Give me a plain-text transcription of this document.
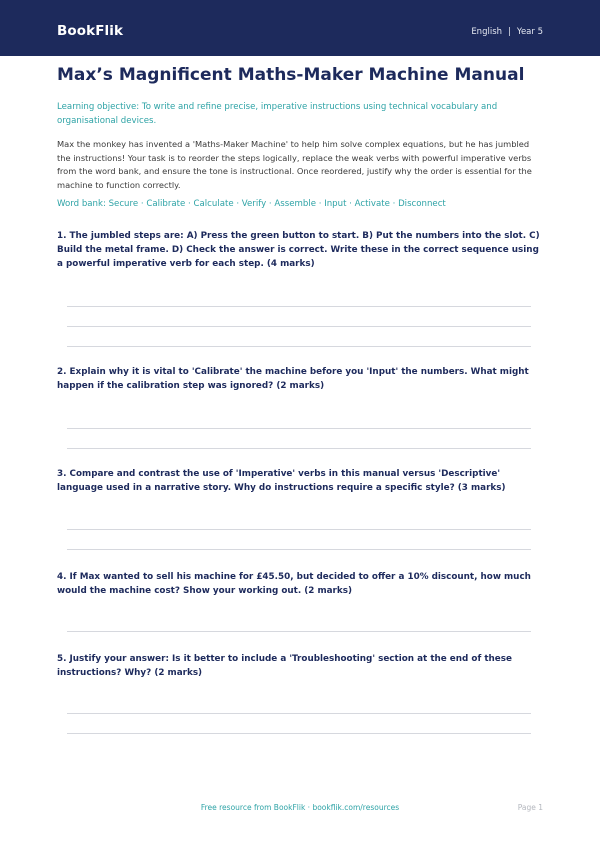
BookFlik	English | Year 5
Max’s Magnificent Maths-Maker Machine Manual

Learning objective: To write and refine precise, imperative instructions using technical vocabulary and organisational devices.

Max the monkey has invented a 'Maths-Maker Machine' to help him solve complex equations, but he has jumbled the instructions! Your task is to reorder the steps logically, replace the weak verbs with powerful imperative verbs from the word bank, and ensure the tone is instructional. Once reordered, justify why the order is essential for the machine to function correctly.

Word bank: Secure · Calibrate · Calculate · Verify · Assemble · Input · Activate · Disconnect

1. The jumbled steps are: A) Press the green button to start. B) Put the numbers into the slot. C) Build the metal frame. D) Check the answer is correct. Write these in the correct sequence using a powerful imperative verb for each step. (4 marks)

2. Explain why it is vital to 'Calibrate' the machine before you 'Input' the numbers. What might happen if the calibration step was ignored? (2 marks)

3. Compare and contrast the use of 'Imperative' verbs in this manual versus 'Descriptive' language used in a narrative story. Why do instructions require a specific style? (3 marks)

4. If Max wanted to sell his machine for £45.50, but decided to offer a 10% discount, how much would the machine cost? Show your working out. (2 marks)

5. Justify your answer: Is it better to include a 'Troubleshooting' section at the end of these instructions? Why? (2 marks)

Free resource from BookFlik · bookflik.com/resources	Page 1
